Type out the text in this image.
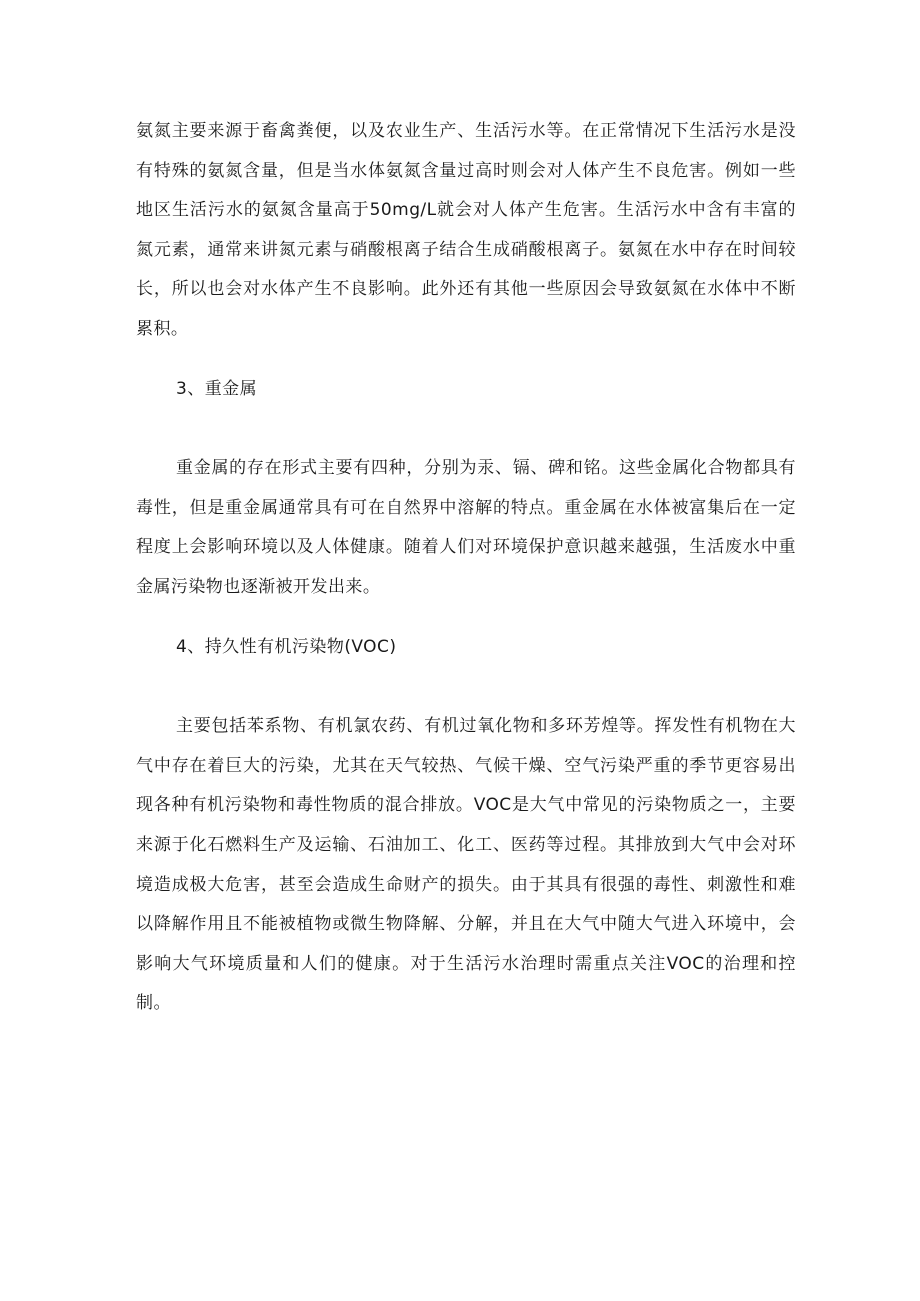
氨氮主要来源于畜禽粪便，以及农业生产、生活污水等。在正常情况下生活污水是没有特殊的氨氮含量，但是当水体氨氮含量过高时则会对人体产生不良危害。例如一些地区生活污水的氨氮含量高于50mg/L就会对人体产生危害。生活污水中含有丰富的氮元素，通常来讲氮元素与硝酸根离子结合生成硝酸根离子。氨氮在水中存在时间较长，所以也会对水体产生不良影响。此外还有其他一些原因会导致氨氮在水体中不断累积。

3、重金属

重金属的存在形式主要有四种，分别为汞、镉、碑和铭。这些金属化合物都具有毒性，但是重金属通常具有可在自然界中溶解的特点。重金属在水体被富集后在一定程度上会影响环境以及人体健康。随着人们对环境保护意识越来越强，生活废水中重金属污染物也逐渐被开发出来。

4、持久性有机污染物(VOC)

主要包括苯系物、有机氯农药、有机过氧化物和多环芳煌等。挥发性有机物在大气中存在着巨大的污染，尤其在天气较热、气候干燥、空气污染严重的季节更容易出现各种有机污染物和毒性物质的混合排放。VOC是大气中常见的污染物质之一，主要来源于化石燃料生产及运输、石油加工、化工、医药等过程。其排放到大气中会对环境造成极大危害，甚至会造成生命财产的损失。由于其具有很强的毒性、刺激性和难以降解作用且不能被植物或微生物降解、分解，并且在大气中随大气进入环境中，会影响大气环境质量和人们的健康。对于生活污水治理时需重点关注VOC的治理和控制。
